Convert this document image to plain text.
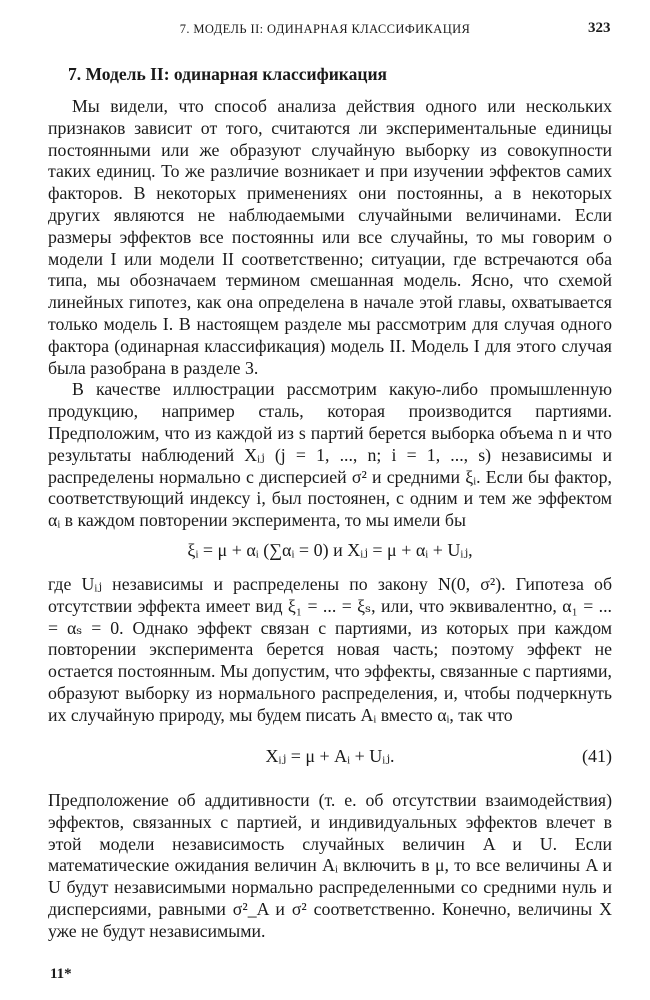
7. МОДЕЛЬ II: ОДИНАРНАЯ КЛАССИФИКАЦИЯ	323
7. Модель II: одинарная классификация

Мы видели, что способ анализа действия одного или нескольких признаков зависит от того, считаются ли экспериментальные единицы постоянными или же образуют случайную выборку из совокупности таких единиц. То же различие возникает и при изучении эффектов самих факторов. В некоторых применениях они постоянны, а в некоторых других являются не наблюдаемыми случайными величинами. Если размеры эффектов все постоянны или все случайны, то мы говорим о модели I или модели II соответственно; ситуации, где встречаются оба типа, мы обозначаем термином смешанная модель. Ясно, что схемой линейных гипотез, как она определена в начале этой главы, охватывается только модель I. В настоящем разделе мы рассмотрим для случая одного фактора (одинарная классификация) модель II. Модель I для этого случая была разобрана в разделе 3.

В качестве иллюстрации рассмотрим какую-либо промышленную продукцию, например сталь, которая производится партиями. Предположим, что из каждой из s партий берется выборка объема n и что результаты наблюдений Xᵢⱼ (j = 1, ..., n; i = 1, ..., s) независимы и распределены нормально с дисперсией σ² и средними ξᵢ. Если бы фактор, соответствующий индексу i, был постоянен, с одним и тем же эффектом αᵢ в каждом повторении эксперимента, то мы имели бы

ξᵢ = μ + αᵢ (∑αᵢ = 0) и Xᵢⱼ = μ + αᵢ + Uᵢⱼ,

где Uᵢⱼ независимы и распределены по закону N(0, σ²). Гипотеза об отсутствии эффекта имеет вид ξ₁ = ... = ξₛ, или, что эквивалентно, α₁ = ... = αₛ = 0. Однако эффект связан с партиями, из которых при каждом повторении эксперимента берется новая часть; поэтому эффект не остается постоянным. Мы допустим, что эффекты, связанные с партиями, образуют выборку из нормального распределения, и, чтобы подчеркнуть их случайную природу, мы будем писать Aᵢ вместо αᵢ, так что

Xᵢⱼ = μ + Aᵢ + Uᵢⱼ.	(41)

Предположение об аддитивности (т. е. об отсутствии взаимодействия) эффектов, связанных с партией, и индивидуальных эффектов влечет в этой модели независимость случайных величин A и U. Если математические ожидания величин Aᵢ включить в μ, то все величины A и U будут независимыми нормально распределенными со средними нуль и дисперсиями, равными σ²_A и σ² соответственно. Конечно, величины X уже не будут независимыми.

11*
